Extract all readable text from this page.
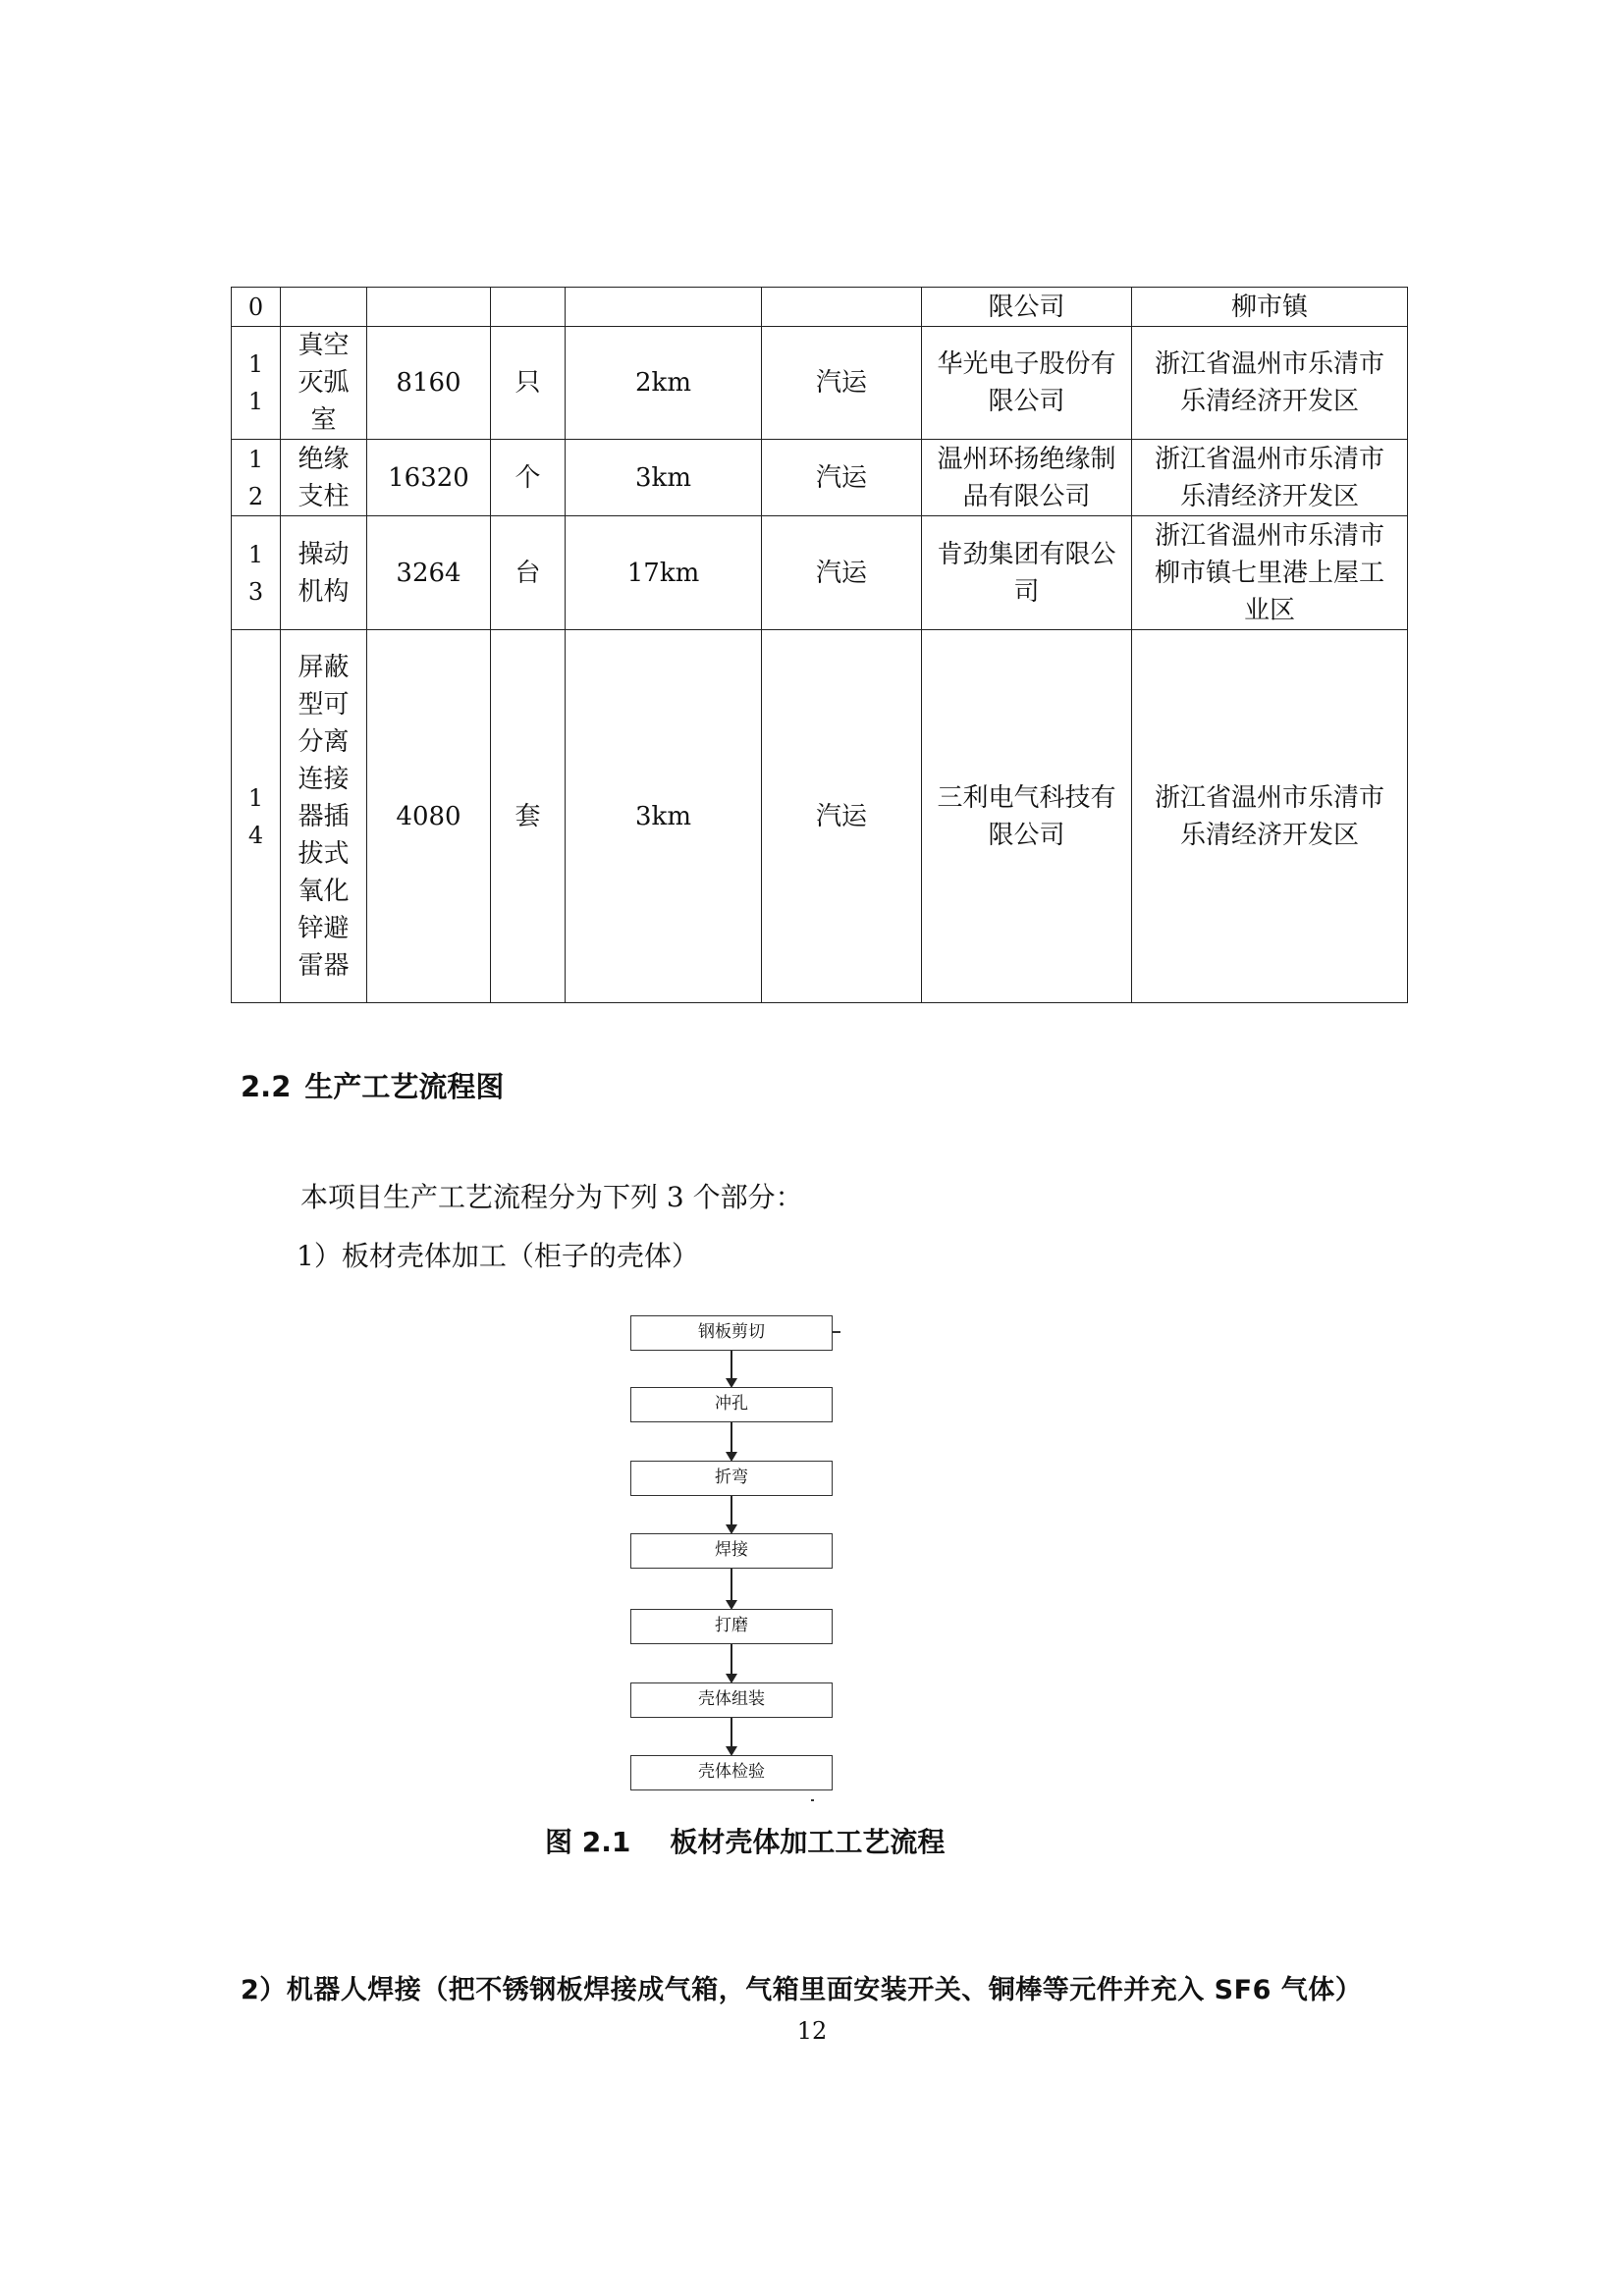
0						限公司	柳市镇

11	真空灭弧室	8160	只	2km	汽运	华光电子股份有限公司	浙江省温州市乐清市乐清经济开发区

12	绝缘支柱	16320	个	3km	汽运	温州环扬绝缘制品有限公司	浙江省温州市乐清市乐清经济开发区

13	操动机构	3264	台	17km	汽运	肯劲集团有限公司	浙江省温州市乐清市柳市镇七里港上屋工业区

14	屏蔽型可分离连接器插拔式氧化锌避雷器	4080	套	3km	汽运	三利电气科技有限公司	浙江省温州市乐清市乐清经济开发区
2.2 生产工艺流程图
本项目生产工艺流程分为下列 3 个部分：
1）板材壳体加工（柜子的壳体）
钢板剪切
冲孔
折弯
焊接
打磨
壳体组装
壳体检验
图 2.1 板材壳体加工工艺流程
2）机器人焊接（把不锈钢板焊接成气箱，气箱里面安装开关、铜棒等元件并充入 SF6 气体）
12
